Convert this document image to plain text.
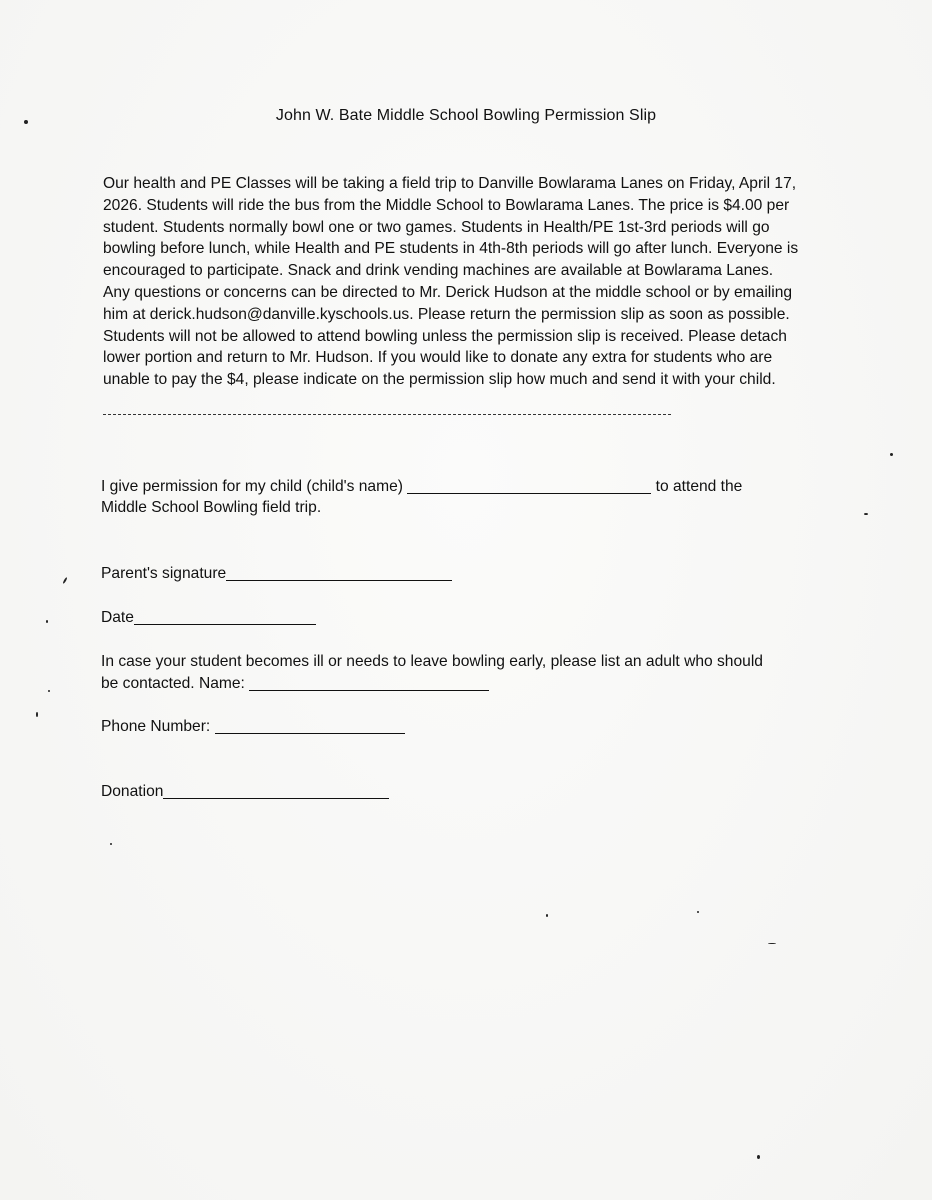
John W. Bate Middle School Bowling Permission Slip

Our health and PE Classes will be taking a field trip to Danville Bowlarama Lanes on Friday, April 17, 2026. Students will ride the bus from the Middle School to Bowlarama Lanes. The price is $4.00 per student. Students normally bowl one or two games. Students in Health/PE 1st-3rd periods will go bowling before lunch, while Health and PE students in 4th-8th periods will go after lunch. Everyone is encouraged to participate. Snack and drink vending machines are available at Bowlarama Lanes. Any questions or concerns can be directed to Mr. Derick Hudson at the middle school or by emailing him at derick.hudson@danville.kyschools.us. Please return the permission slip as soon as possible. Students will not be allowed to attend bowling unless the permission slip is received. Please detach lower portion and return to Mr. Hudson. If you would like to donate any extra for students who are unable to pay the $4, please indicate on the permission slip how much and send it with your child.

I give permission for my child (child's name)	to attend the

Middle School Bowling field trip.

Parent's signature

Date

In case your student becomes ill or needs to leave bowling early, please list an adult who should

be contacted. Name:

Phone Number:

Donation
